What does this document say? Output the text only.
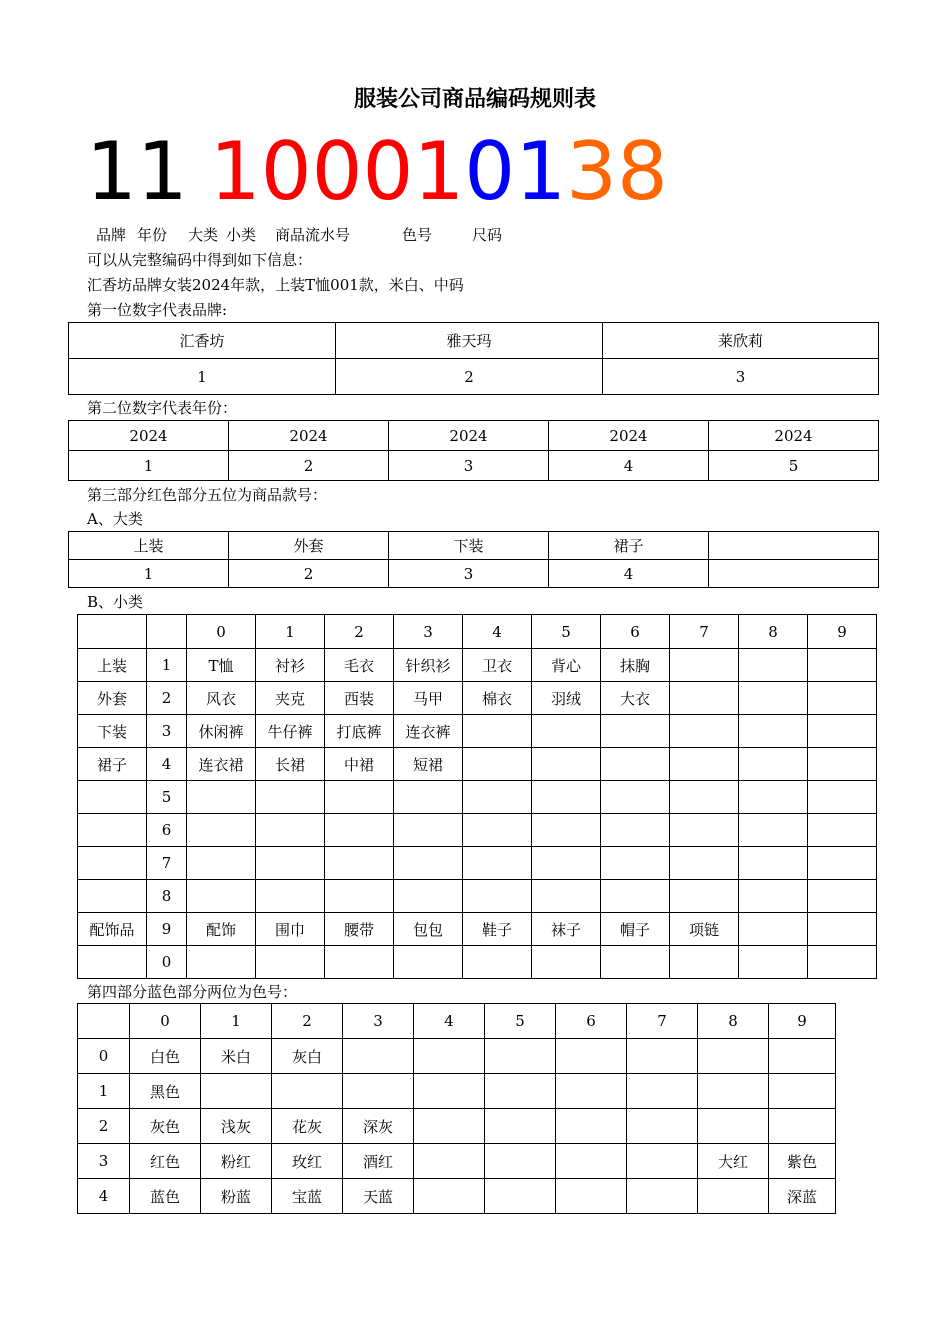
服装公司商品编码规则表
11 100010138
品牌 年份 大类 小类 商品流水号	色号	尺码
可以从完整编码中得到如下信息：
汇香坊品牌女装2024年款，上装T恤001款，米白、中码
第一位数字代表品牌:
汇香坊	雅天玛	莱欣莉
1	2	3
第二位数字代表年份：
2024	2024	2024	2024	2024
1	2	3	4	5
第三部分红色部分五位为商品款号：
A、大类
上装	外套	下装	裙子	
1	2	3	4	
B、小类
		0	1	2	3	4	5	6	7	8	9
上装	1	T恤	衬衫	毛衣	针织衫	卫衣	背心	抹胸			
外套	2	风衣	夹克	西装	马甲	棉衣	羽绒	大衣			
下装	3	休闲裤	牛仔裤	打底裤	连衣裤						
裙子	4	连衣裙	长裙	中裙	短裙						
	5										
	6										
	7										
	8										
配饰品	9	配饰	围巾	腰带	包包	鞋子	袜子	帽子	项链		
	0										
第四部分蓝色部分两位为色号：
	0	1	2	3	4	5	6	7	8	9
0	白色	米白	灰白							
1	黑色									
2	灰色	浅灰	花灰	深灰						
3	红色	粉红	玫红	酒红					大红	紫色
4	蓝色	粉蓝	宝蓝	天蓝						深蓝
